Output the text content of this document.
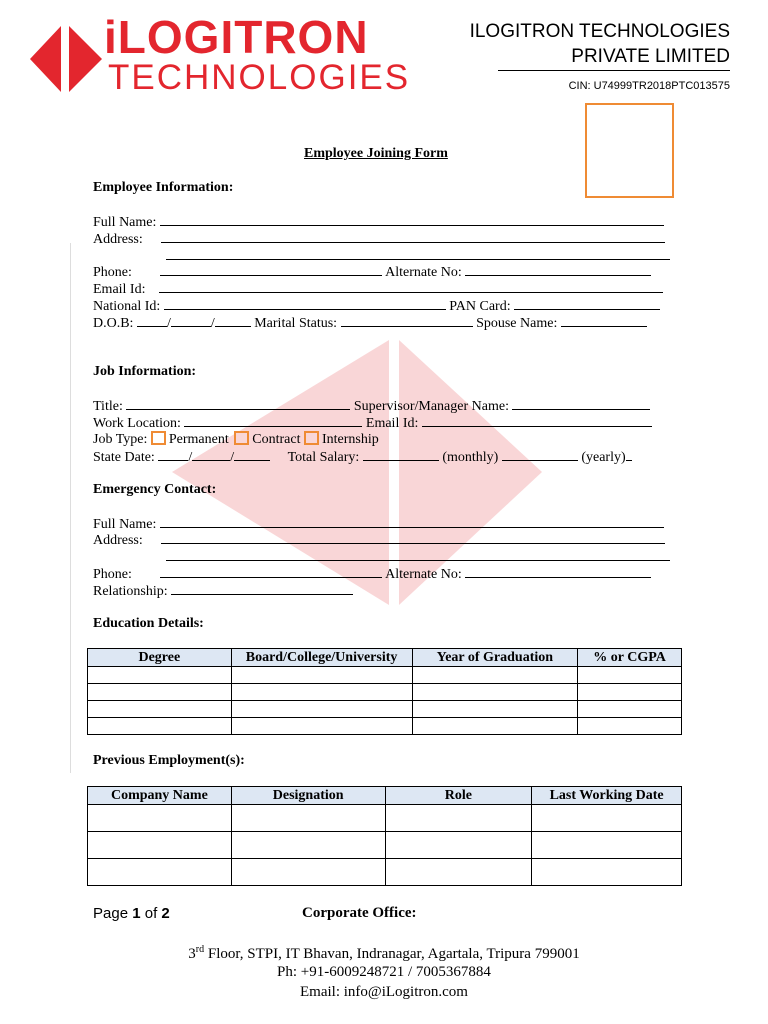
iLOGITRON
TECHNOLOGIES
ILOGITRON TECHNOLOGIES
PRIVATE LIMITED
CIN: U74999TR2018PTC013575
Employee Joining Form
Employee Information:
Full Name:
Address:
Phone:	Alternate No:
Email Id:
National Id:	PAN Card:
D.O.B: /	/	Marital Status:	Spouse Name:
Job Information:
Title:	Supervisor/Manager Name:
Work Location:	Email Id:
Job Type: Permanent Contract Internship
State Date: /	/	Total Salary:	(monthly)	(yearly)
Emergency Contact:
Full Name:
Address:
Phone:	Alternate No:
Relationship:
Education Details:
Degree	Board/College/University	Year of Graduation	% or CGPA

Previous Employment(s):
Company Name	Designation	Role	Last Working Date

Page 1 of 2	Corporate Office:
3rd Floor, STPI, IT Bhavan, Indranagar, Agartala, Tripura 799001
Ph: +91-6009248721 / 7005367884
Email: info@iLogitron.com
